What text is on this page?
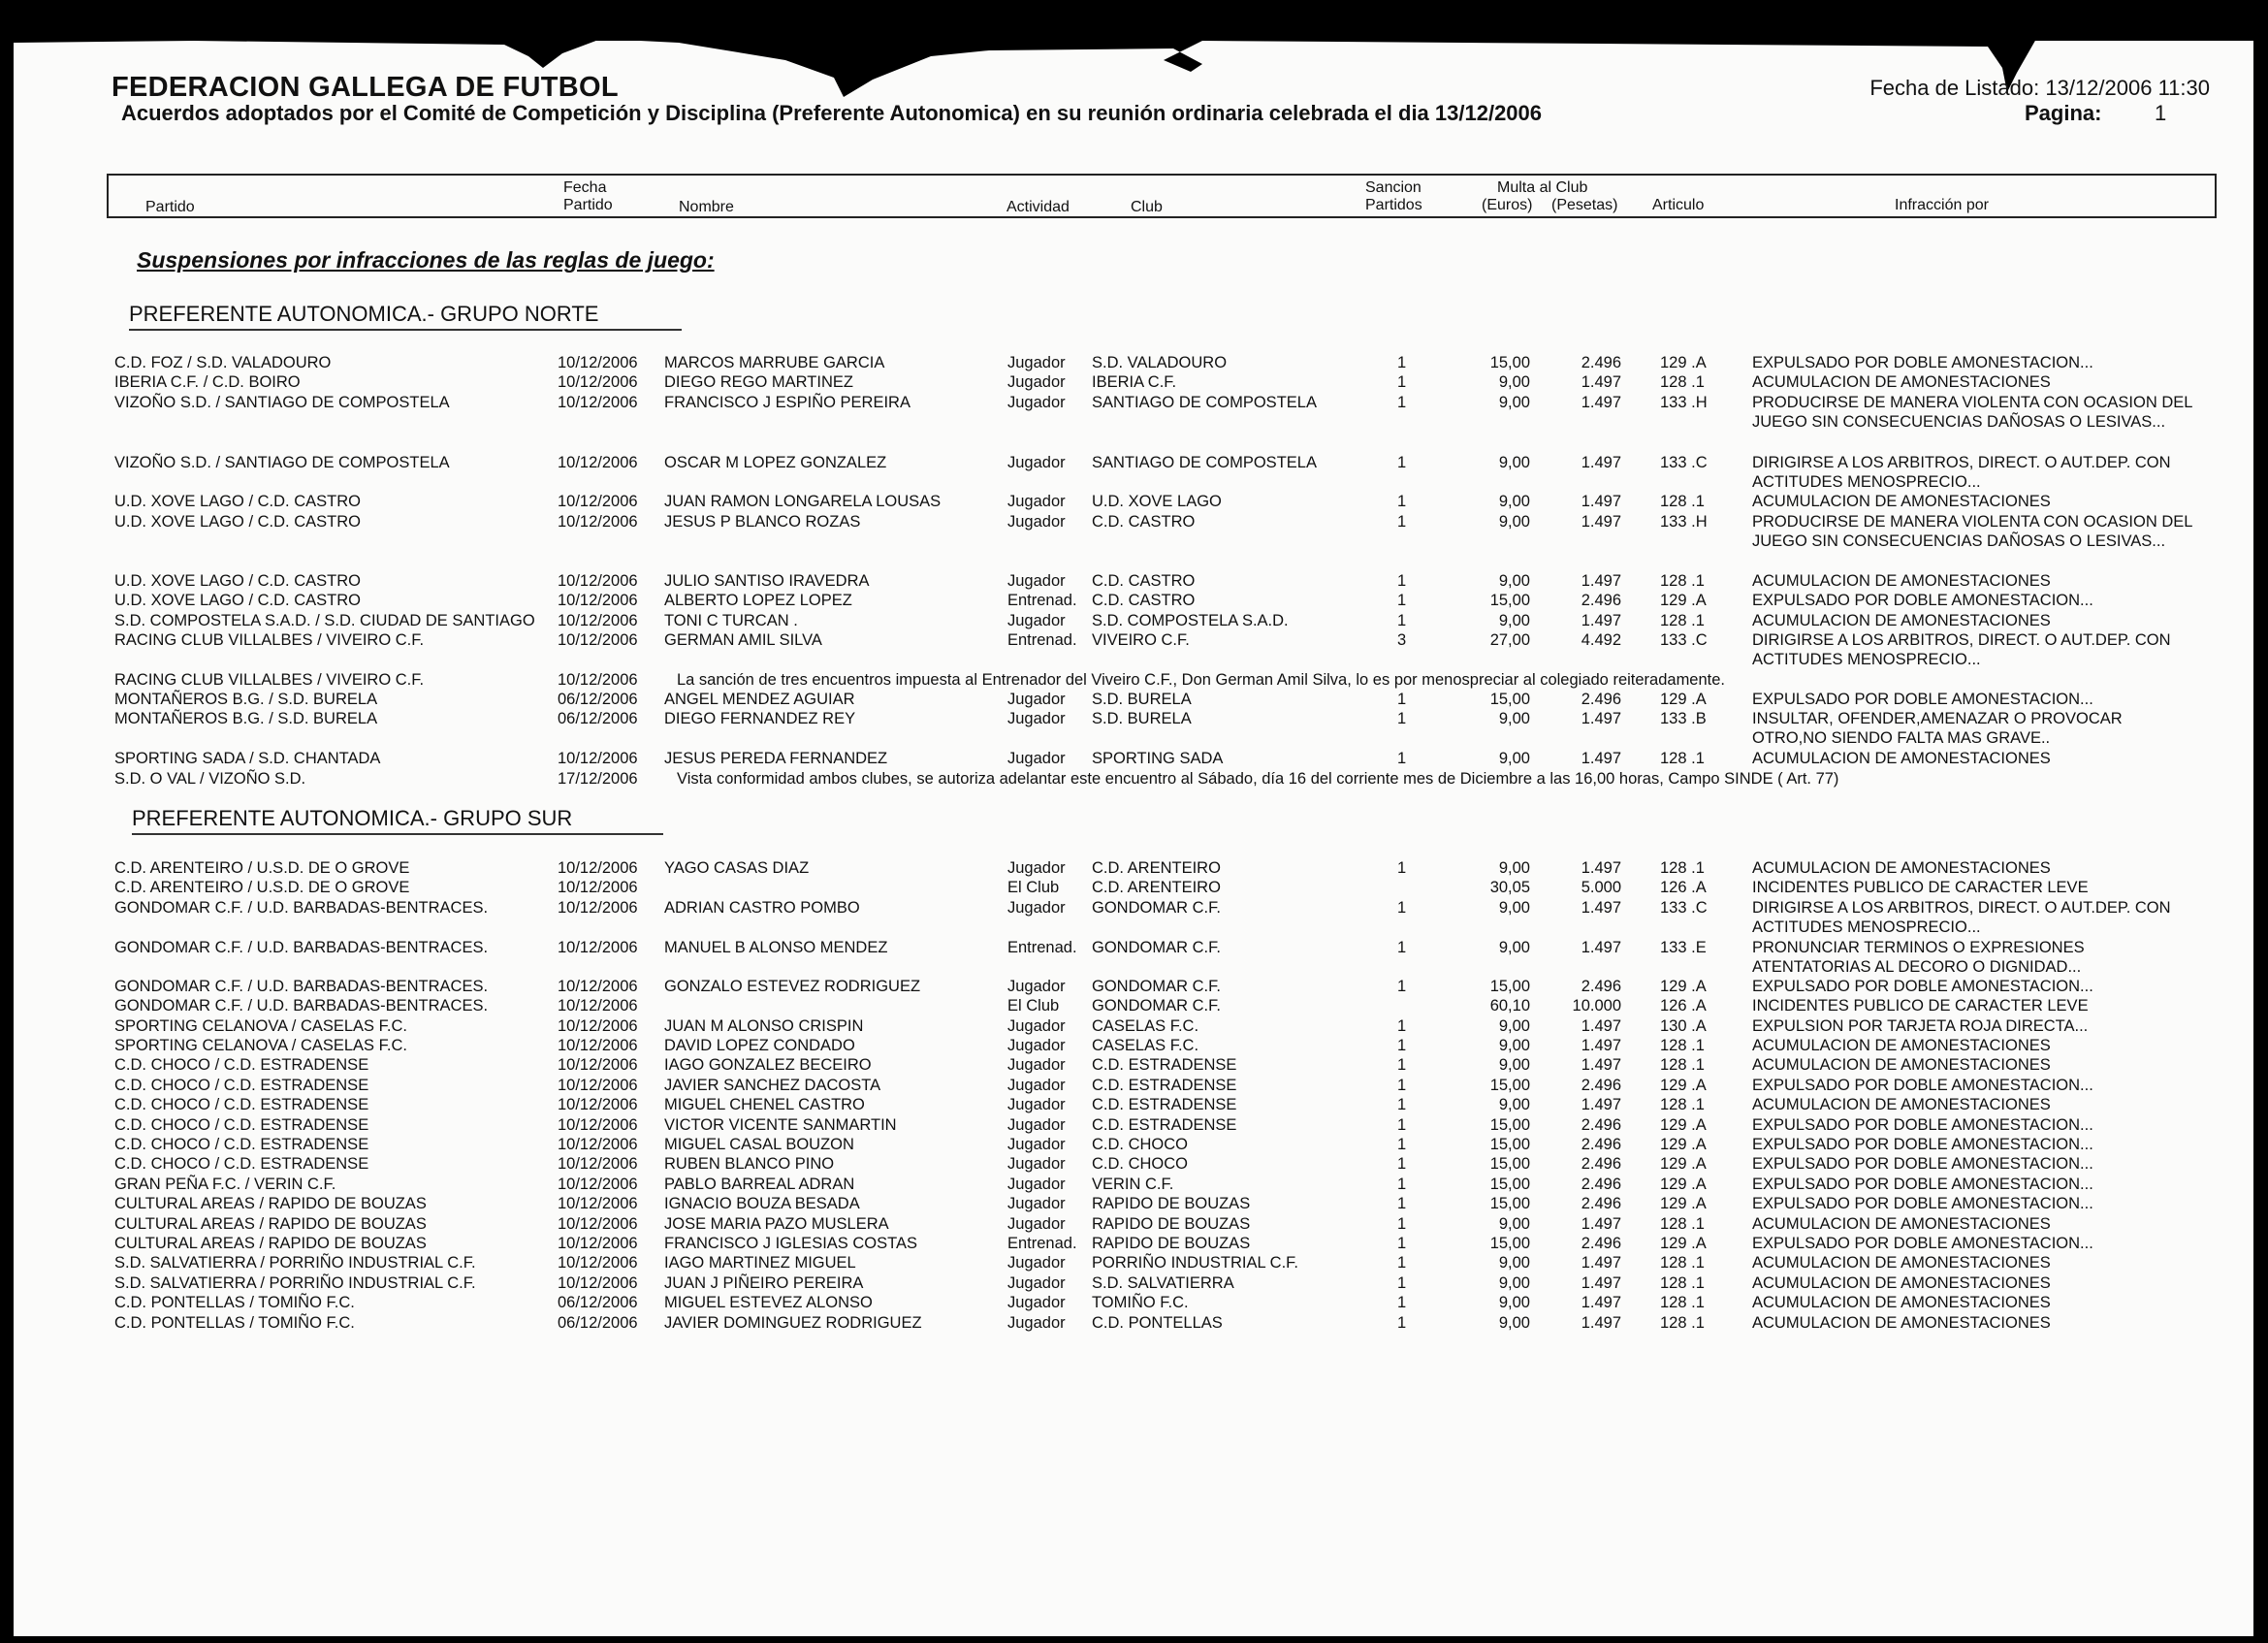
FEDERACION GALLEGA DE FUTBOL
Acuerdos adoptados por el Comité de Competición y Disciplina (Preferente Autonomica) en su reunión ordinaria celebrada el dia 13/12/2006
Fecha de Listado: 13/12/2006 11:30
Pagina: 1
Partido
Fecha
Partido	Nombre	Actividad	Club
Sancion
Partidos
Multa al Club
(Euros) (Pesetas) Articulo	Infracción por
Suspensiones por infracciones de las reglas de juego:
PREFERENTE AUTONOMICA.- GRUPO NORTE
PREFERENTE AUTONOMICA.- GRUPO SUR
C.D. FOZ / S.D. VALADOURO	10/12/2006 MARCOS MARRUBE GARCIA	Jugador S.D. VALADOURO	1	15,00	2.496 129 .A	EXPULSADO POR DOBLE AMONESTACION...
IBERIA C.F. / C.D. BOIRO	10/12/2006 DIEGO REGO MARTINEZ	Jugador IBERIA C.F.	1	9,00	1.497 128 .1	ACUMULACION DE AMONESTACIONES
VIZOÑO S.D. / SANTIAGO DE COMPOSTELA	10/12/2006 FRANCISCO J ESPIÑO PEREIRA	Jugador SANTIAGO DE COMPOSTELA	1	9,00	1.497 133 .H	PRODUCIRSE DE MANERA VIOLENTA CON OCASION DEL
JUEGO SIN CONSECUENCIAS DAÑOSAS O LESIVAS...
VIZOÑO S.D. / SANTIAGO DE COMPOSTELA	10/12/2006 OSCAR M LOPEZ GONZALEZ	Jugador SANTIAGO DE COMPOSTELA	1	9,00	1.497 133 .C	DIRIGIRSE A LOS ARBITROS, DIRECT. O AUT.DEP. CON
ACTITUDES MENOSPRECIO...
U.D. XOVE LAGO / C.D. CASTRO	10/12/2006 JUAN RAMON LONGARELA LOUSAS	Jugador U.D. XOVE LAGO	1	9,00	1.497 128 .1	ACUMULACION DE AMONESTACIONES
U.D. XOVE LAGO / C.D. CASTRO	10/12/2006 JESUS P BLANCO ROZAS	Jugador C.D. CASTRO	1	9,00	1.497 133 .H	PRODUCIRSE DE MANERA VIOLENTA CON OCASION DEL
JUEGO SIN CONSECUENCIAS DAÑOSAS O LESIVAS...
U.D. XOVE LAGO / C.D. CASTRO	10/12/2006 JULIO SANTISO IRAVEDRA	Jugador C.D. CASTRO	1	9,00	1.497 128 .1	ACUMULACION DE AMONESTACIONES
U.D. XOVE LAGO / C.D. CASTRO	10/12/2006 ALBERTO LOPEZ LOPEZ	Entrenad. C.D. CASTRO	1	15,00	2.496 129 .A	EXPULSADO POR DOBLE AMONESTACION...
S.D. COMPOSTELA S.A.D. / S.D. CIUDAD DE SANTIAGO 10/12/2006 TONI C TURCAN .	Jugador S.D. COMPOSTELA S.A.D.	1	9,00	1.497 128 .1	ACUMULACION DE AMONESTACIONES
RACING CLUB VILLALBES / VIVEIRO C.F.	10/12/2006 GERMAN AMIL SILVA	Entrenad. VIVEIRO C.F.	3	27,00	4.492 133 .C	DIRIGIRSE A LOS ARBITROS, DIRECT. O AUT.DEP. CON
ACTITUDES MENOSPRECIO...
MONTAÑEROS B.G. / S.D. BURELA	06/12/2006 ANGEL MENDEZ AGUIAR	Jugador S.D. BURELA	1	15,00	2.496 129 .A	EXPULSADO POR DOBLE AMONESTACION...
MONTAÑEROS B.G. / S.D. BURELA	06/12/2006 DIEGO FERNANDEZ REY	Jugador S.D. BURELA	1	9,00	1.497 133 .B	INSULTAR, OFENDER,AMENAZAR O PROVOCAR
OTRO,NO SIENDO FALTA MAS GRAVE..
SPORTING SADA / S.D. CHANTADA	10/12/2006 JESUS PEREDA FERNANDEZ	Jugador SPORTING SADA	1	9,00	1.497 128 .1	ACUMULACION DE AMONESTACIONES
RACING CLUB VILLALBES / VIVEIRO C.F.	10/12/2006 La sanción de tres encuentros impuesta al Entrenador del Viveiro C.F., Don German Amil Silva, lo es por menospreciar al colegiado reiteradamente.
S.D. O VAL / VIZOÑO S.D.	17/12/2006 Vista conformidad ambos clubes, se autoriza adelantar este encuentro al Sábado, día 16 del corriente mes de Diciembre a las 16,00 horas, Campo SINDE ( Art. 77)
C.D. ARENTEIRO / U.S.D. DE O GROVE	10/12/2006 YAGO CASAS DIAZ	Jugador C.D. ARENTEIRO	1	9,00	1.497 128 .1	ACUMULACION DE AMONESTACIONES
C.D. ARENTEIRO / U.S.D. DE O GROVE	10/12/2006	El Club C.D. ARENTEIRO	30,05	5.000 126 .A	INCIDENTES PUBLICO DE CARACTER LEVE
GONDOMAR C.F. / U.D. BARBADAS-BENTRACES.	10/12/2006 ADRIAN CASTRO POMBO	Jugador GONDOMAR C.F.	1	9,00	1.497 133 .C	DIRIGIRSE A LOS ARBITROS, DIRECT. O AUT.DEP. CON
ACTITUDES MENOSPRECIO...
GONDOMAR C.F. / U.D. BARBADAS-BENTRACES.	10/12/2006 MANUEL B ALONSO MENDEZ	Entrenad. GONDOMAR C.F.	1	9,00	1.497 133 .E	PRONUNCIAR TERMINOS O EXPRESIONES
ATENTATORIAS AL DECORO O DIGNIDAD...
GONDOMAR C.F. / U.D. BARBADAS-BENTRACES.	10/12/2006 GONZALO ESTEVEZ RODRIGUEZ	Jugador GONDOMAR C.F.	1	15,00	2.496 129 .A	EXPULSADO POR DOBLE AMONESTACION...
GONDOMAR C.F. / U.D. BARBADAS-BENTRACES.	10/12/2006	El Club GONDOMAR C.F.	60,10	10.000 126 .A	INCIDENTES PUBLICO DE CARACTER LEVE
SPORTING CELANOVA / CASELAS F.C.	10/12/2006 JUAN M ALONSO CRISPIN	Jugador CASELAS F.C.	1	9,00	1.497 130 .A	EXPULSION POR TARJETA ROJA DIRECTA...
SPORTING CELANOVA / CASELAS F.C.	10/12/2006 DAVID LOPEZ CONDADO	Jugador CASELAS F.C.	1	9,00	1.497 128 .1	ACUMULACION DE AMONESTACIONES
C.D. CHOCO / C.D. ESTRADENSE	10/12/2006 IAGO GONZALEZ BECEIRO	Jugador C.D. ESTRADENSE	1	9,00	1.497 128 .1	ACUMULACION DE AMONESTACIONES
C.D. CHOCO / C.D. ESTRADENSE	10/12/2006 JAVIER SANCHEZ DACOSTA	Jugador C.D. ESTRADENSE	1	15,00	2.496 129 .A	EXPULSADO POR DOBLE AMONESTACION...
C.D. CHOCO / C.D. ESTRADENSE	10/12/2006 MIGUEL CHENEL CASTRO	Jugador C.D. ESTRADENSE	1	9,00	1.497 128 .1	ACUMULACION DE AMONESTACIONES
C.D. CHOCO / C.D. ESTRADENSE	10/12/2006 VICTOR VICENTE SANMARTIN	Jugador C.D. ESTRADENSE	1	15,00	2.496 129 .A	EXPULSADO POR DOBLE AMONESTACION...
C.D. CHOCO / C.D. ESTRADENSE	10/12/2006 MIGUEL CASAL BOUZON	Jugador C.D. CHOCO	1	15,00	2.496 129 .A	EXPULSADO POR DOBLE AMONESTACION...
C.D. CHOCO / C.D. ESTRADENSE	10/12/2006 RUBEN BLANCO PINO	Jugador C.D. CHOCO	1	15,00	2.496 129 .A	EXPULSADO POR DOBLE AMONESTACION...
GRAN PEÑA F.C. / VERIN C.F.	10/12/2006 PABLO BARREAL ADRAN	Jugador VERIN C.F.	1	15,00	2.496 129 .A	EXPULSADO POR DOBLE AMONESTACION...
CULTURAL AREAS / RAPIDO DE BOUZAS	10/12/2006 IGNACIO BOUZA BESADA	Jugador RAPIDO DE BOUZAS	1	15,00	2.496 129 .A	EXPULSADO POR DOBLE AMONESTACION...
CULTURAL AREAS / RAPIDO DE BOUZAS	10/12/2006 JOSE MARIA PAZO MUSLERA	Jugador RAPIDO DE BOUZAS	1	9,00	1.497 128 .1	ACUMULACION DE AMONESTACIONES
CULTURAL AREAS / RAPIDO DE BOUZAS	10/12/2006 FRANCISCO J IGLESIAS COSTAS	Entrenad. RAPIDO DE BOUZAS	1	15,00	2.496 129 .A	EXPULSADO POR DOBLE AMONESTACION...
S.D. SALVATIERRA / PORRIÑO INDUSTRIAL C.F.	10/12/2006 IAGO MARTINEZ MIGUEL	Jugador PORRIÑO INDUSTRIAL C.F.	1	9,00	1.497 128 .1	ACUMULACION DE AMONESTACIONES
S.D. SALVATIERRA / PORRIÑO INDUSTRIAL C.F.	10/12/2006 JUAN J PIÑEIRO PEREIRA	Jugador S.D. SALVATIERRA	1	9,00	1.497 128 .1	ACUMULACION DE AMONESTACIONES
C.D. PONTELLAS / TOMIÑO F.C.	06/12/2006 MIGUEL ESTEVEZ ALONSO	Jugador TOMIÑO F.C.	1	9,00	1.497 128 .1	ACUMULACION DE AMONESTACIONES
C.D. PONTELLAS / TOMIÑO F.C.	06/12/2006 JAVIER DOMINGUEZ RODRIGUEZ	Jugador C.D. PONTELLAS	1	9,00	1.497 128 .1	ACUMULACION DE AMONESTACIONES
